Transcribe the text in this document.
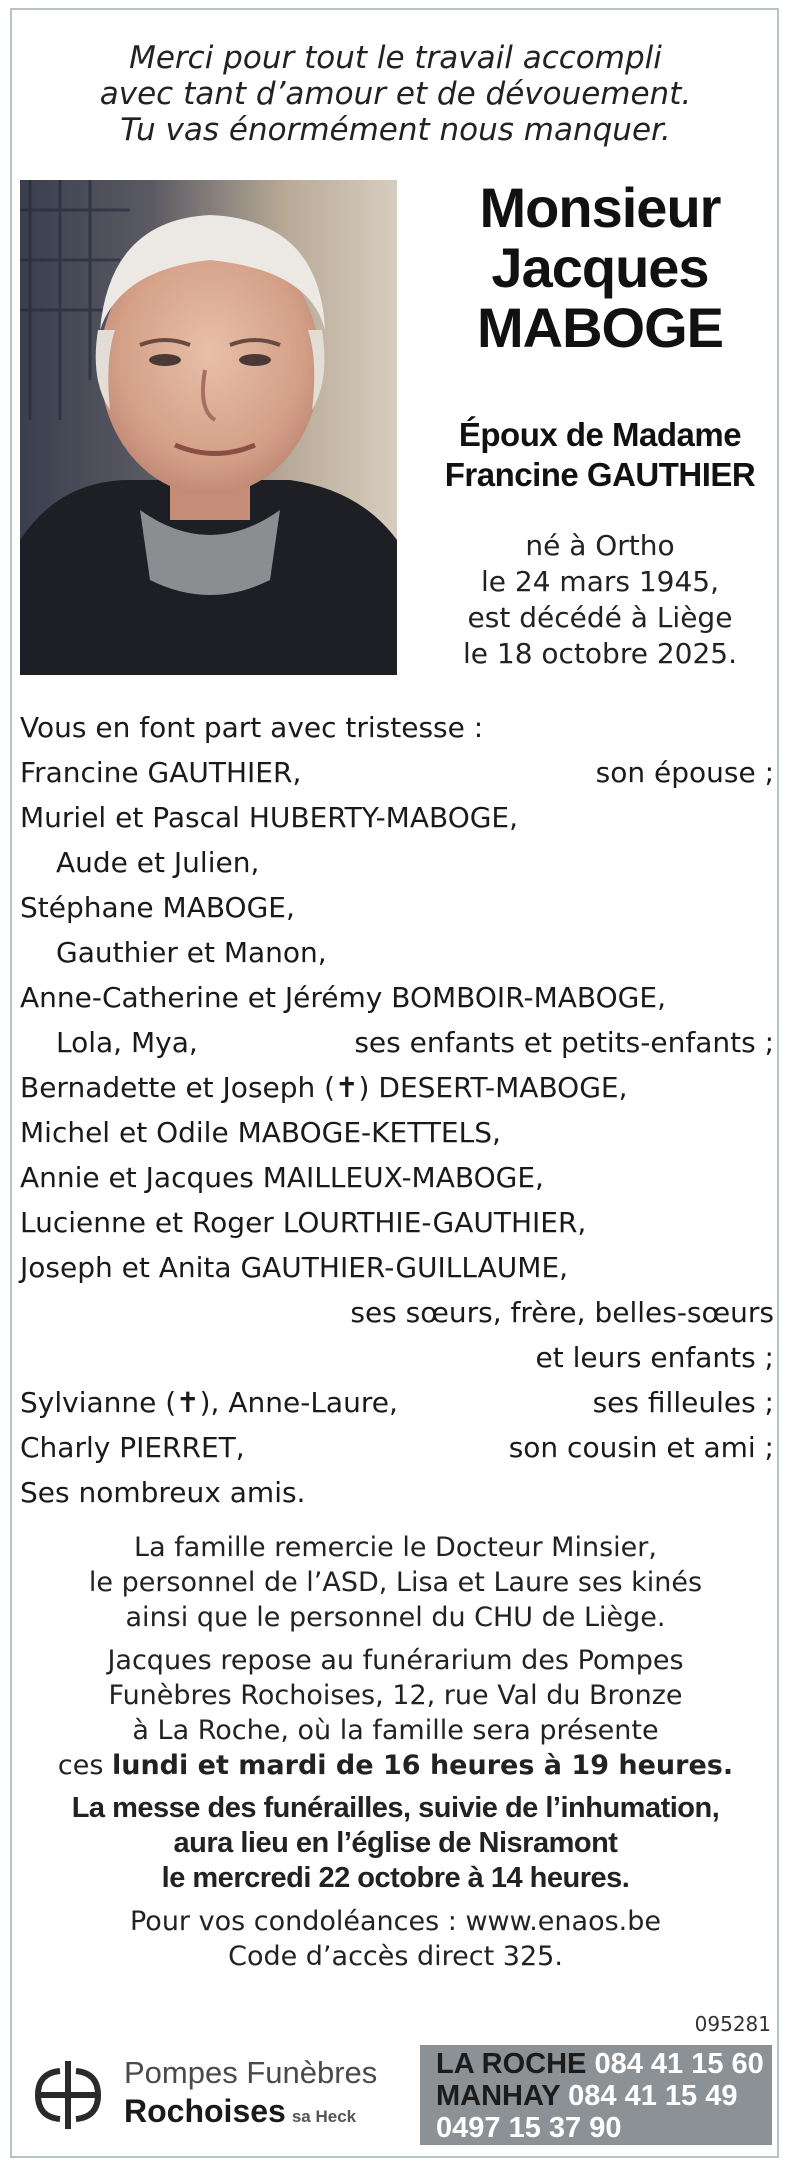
Merci pour tout le travail accompli
avec tant d’amour et de dévouement.
Tu vas énormément nous manquer.
Monsieur
Jacques
MABOGE
Époux de Madame
Francine GAUTHIER
né à Ortho
le 24 mars 1945,
est décédé à Liège
le 18 octobre 2025.
Vous en font part avec tristesse :
Francine GAUTHIER,	son épouse ;
Muriel et Pascal HUBERTY-MABOGE,
Aude et Julien,
Stéphane MABOGE,
Gauthier et Manon,
Anne-Catherine et Jérémy BOMBOIR-MABOGE,
Lola, Mya,	ses enfants et petits-enfants ;
Bernadette et Joseph (✝) DESERT-MABOGE,
Michel et Odile MABOGE-KETTELS,
Annie et Jacques MAILLEUX-MABOGE,
Lucienne et Roger LOURTHIE-GAUTHIER,
Joseph et Anita GAUTHIER-GUILLAUME,
ses sœurs, frère, belles-sœurs
et leurs enfants ;
Sylvianne (✝), Anne-Laure,	ses filleules ;
Charly PIERRET,	son cousin et ami ;
Ses nombreux amis.

La famille remercie le Docteur Minsier,
le personnel de l’ASD, Lisa et Laure ses kinés
ainsi que le personnel du CHU de Liège.

Jacques repose au funérarium des Pompes
Funèbres Rochoises, 12, rue Val du Bronze
à La Roche, où la famille sera présente
ces lundi et mardi de 16 heures à 19 heures.

La messe des funérailles, suivie de l’inhumation,
aura lieu en l’église de Nisramont
le mercredi 22 octobre à 14 heures.

Pour vos condoléances : www.enaos.be
Code d’accès direct 325.

095281
Pompes Funèbres
Rochoises sa Heck
LA ROCHE 084 41 15 60
MANHAY 084 41 15 49
0497 15 37 90
